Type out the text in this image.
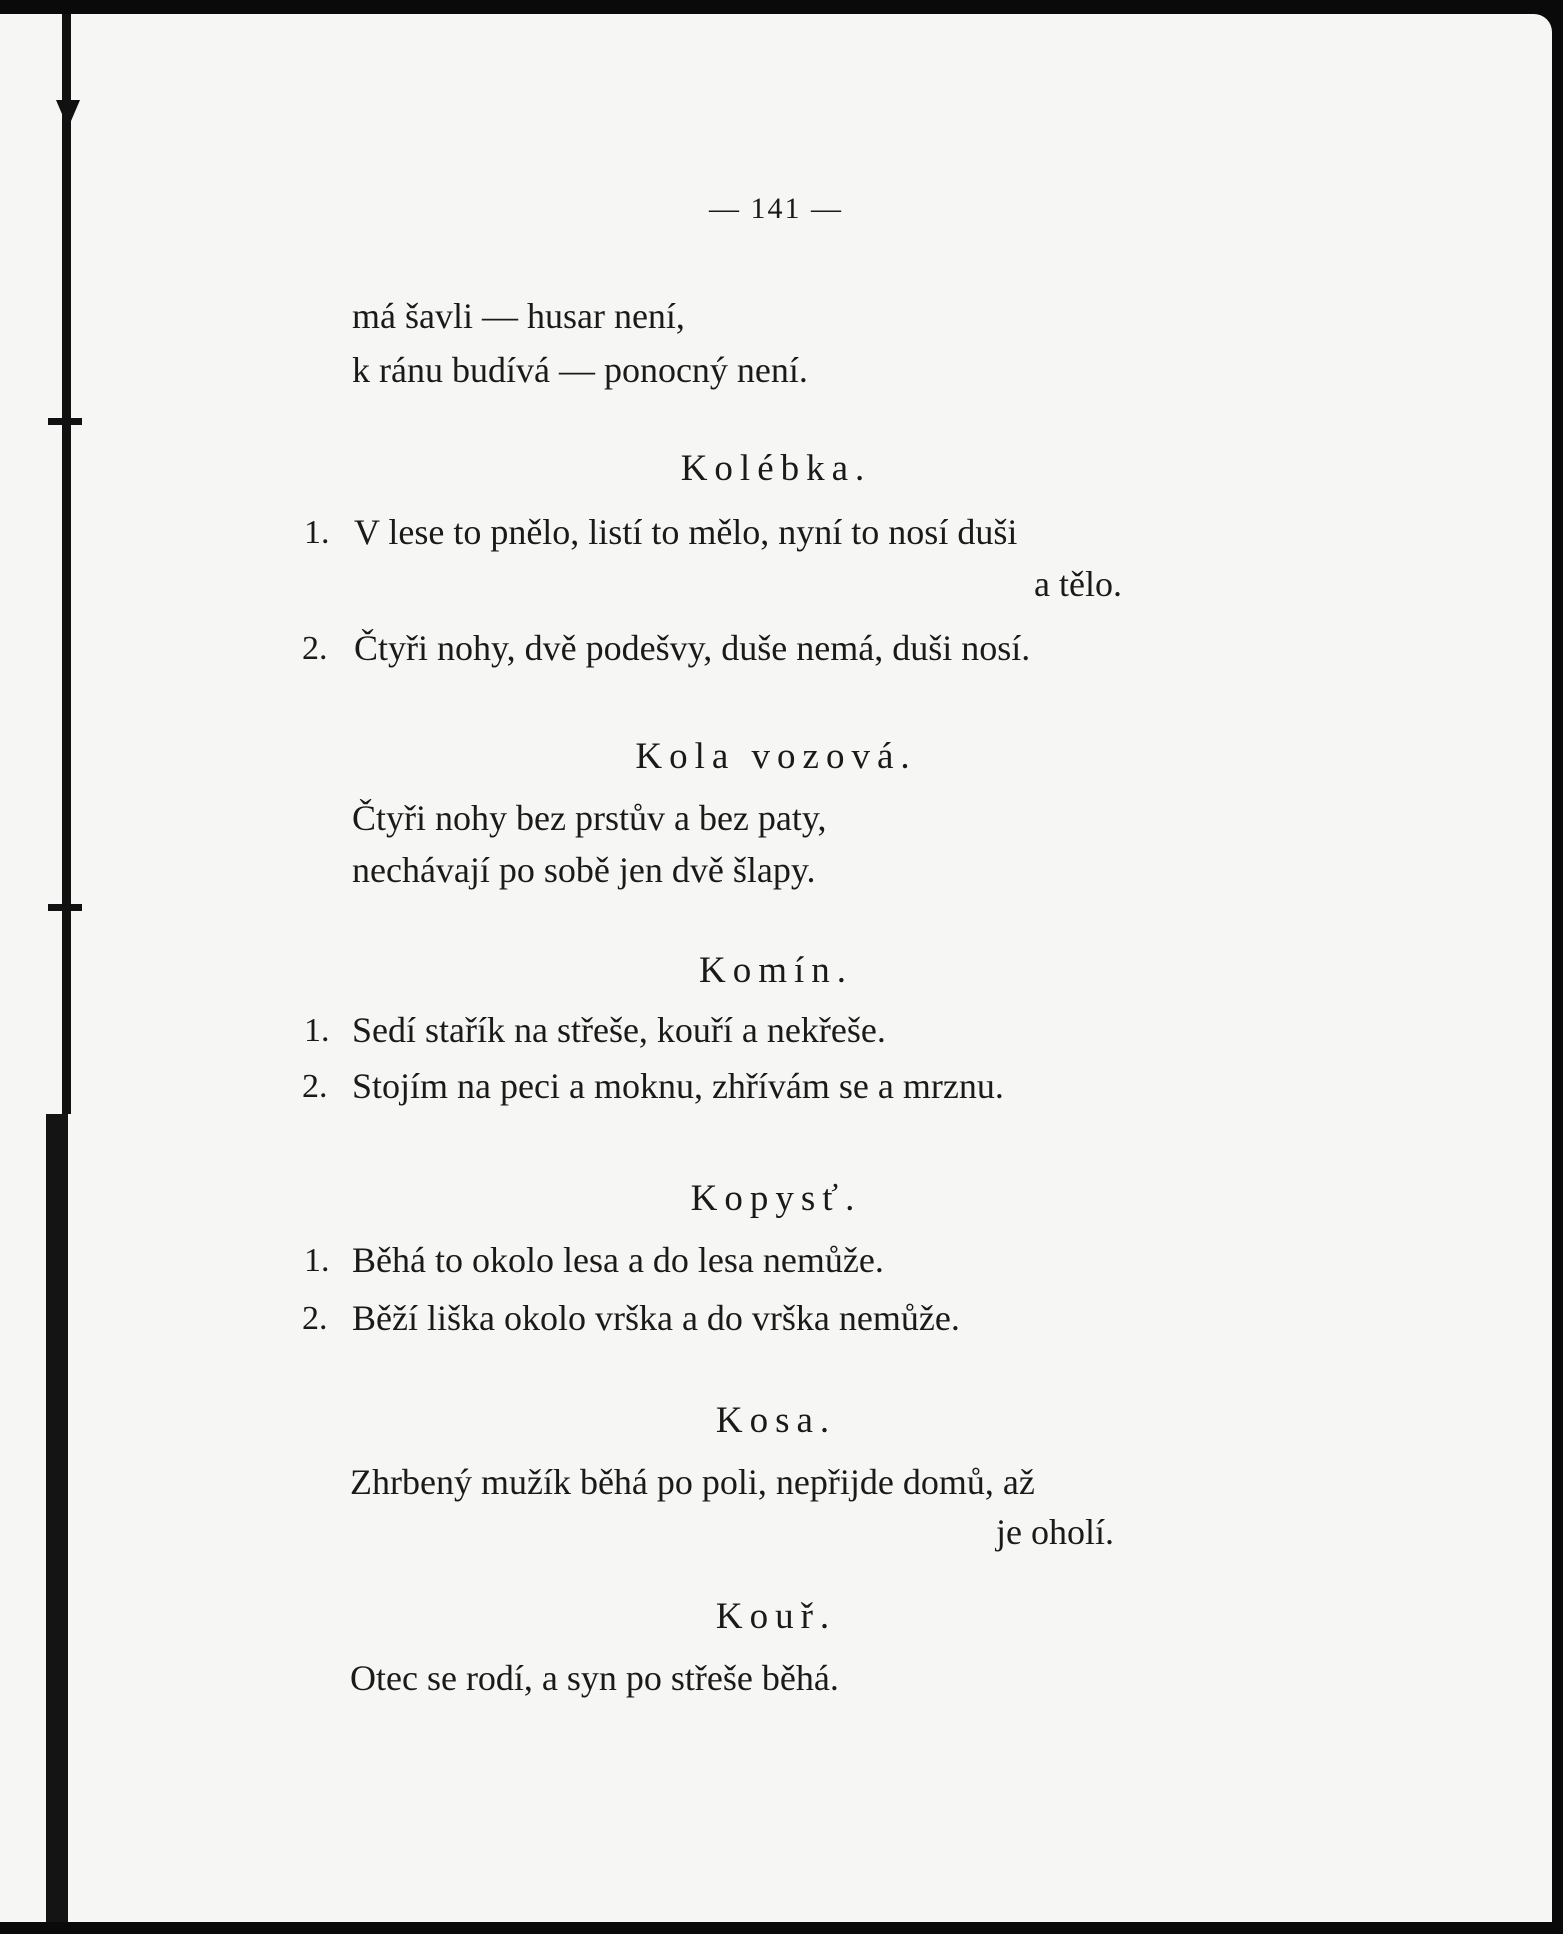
— 141 —
má šavli — husar není,
k ránu budívá — ponocný není.
Kolébka.
1. V lese to pnělo, listí to mělo, nyní to nosí duši
a tělo.
2. Čtyři nohy, dvě podešvy, duše nemá, duši nosí.
Kola vozová.
Čtyři nohy bez prstův a bez paty,
nechávají po sobě jen dvě šlapy.
Komín.
1. Sedí stařík na střeše, kouří a nekřeše.
2. Stojím na peci a moknu, zhřívám se a mrznu.
Kopysť.
1. Běhá to okolo lesa a do lesa nemůže.
2. Běží liška okolo vrška a do vrška nemůže.
Kosa.
Zhrbený mužík běhá po poli, nepřijde domů, až
je oholí.
Kouř.
Otec se rodí, a syn po střeše běhá.
